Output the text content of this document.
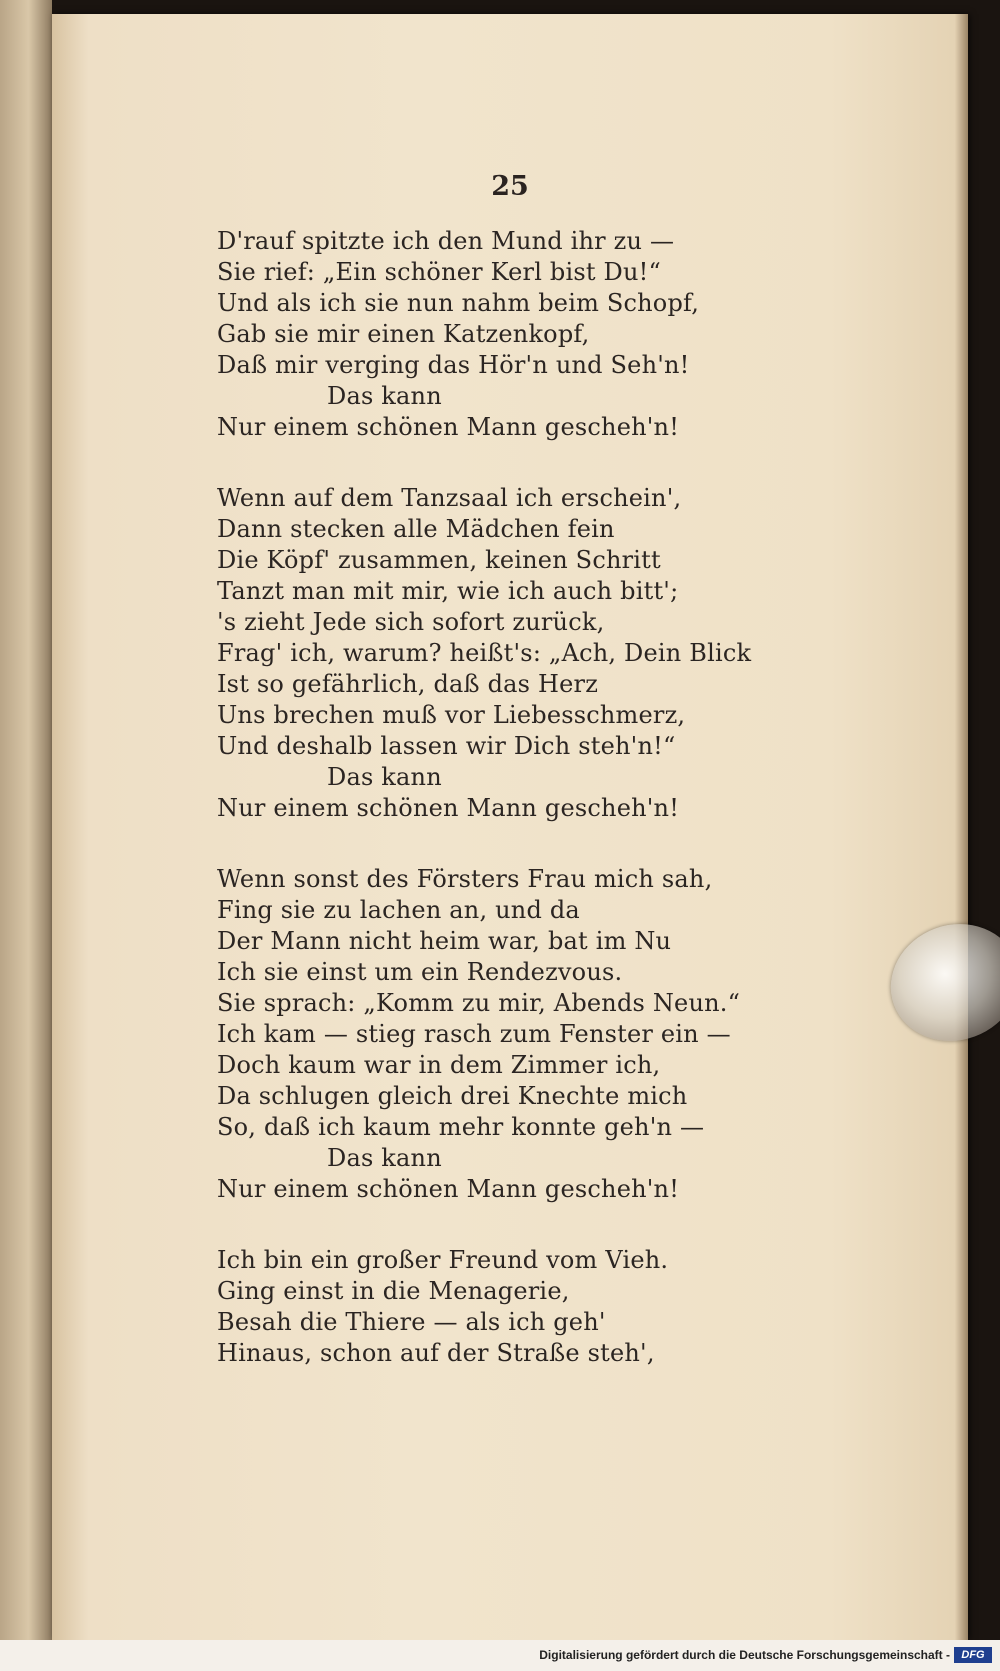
25
D'rauf spitzte ich den Mund ihr zu —
Sie rief: „Ein schöner Kerl bist Du!“
Und als ich sie nun nahm beim Schopf,
Gab sie mir einen Katzenkopf,
Daß mir verging das Hör'n und Seh'n!
Das kann
Nur einem schönen Mann gescheh'n!
Wenn auf dem Tanzsaal ich erschein',
Dann stecken alle Mädchen fein
Die Köpf' zusammen, keinen Schritt
Tanzt man mit mir, wie ich auch bitt';
's zieht Jede sich sofort zurück,
Frag' ich, warum? heißt's: „Ach, Dein Blick
Ist so gefährlich, daß das Herz
Uns brechen muß vor Liebesschmerz,
Und deshalb lassen wir Dich steh'n!“
Das kann
Nur einem schönen Mann gescheh'n!
Wenn sonst des Försters Frau mich sah,
Fing sie zu lachen an, und da
Der Mann nicht heim war, bat im Nu
Ich sie einst um ein Rendezvous.
Sie sprach: „Komm zu mir, Abends Neun.“
Ich kam — stieg rasch zum Fenster ein —
Doch kaum war in dem Zimmer ich,
Da schlugen gleich drei Knechte mich
So, daß ich kaum mehr konnte geh'n —
Das kann
Nur einem schönen Mann gescheh'n!
Ich bin ein großer Freund vom Vieh.
Ging einst in die Menagerie,
Besah die Thiere — als ich geh'
Hinaus, schon auf der Straße steh',
Digitalisierung gefördert durch die Deutsche Forschungsgemeinschaft -	DFG
